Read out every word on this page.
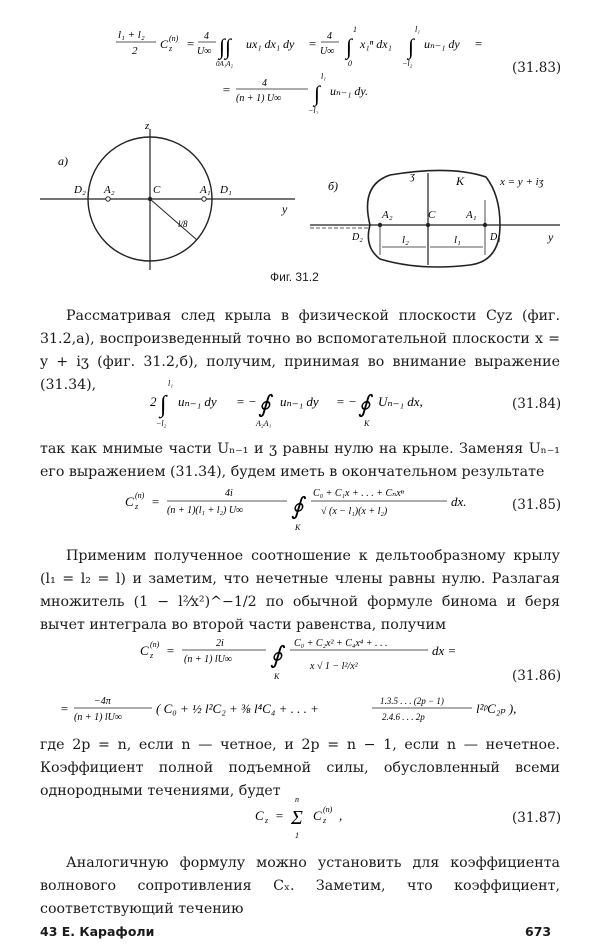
l₁ + l₂
2 C z
(n) = 4
U∞ ∫∫
0A₁A₂
ux₁ dx₁ dy = 4
U∞ ∫
1
0
x₁ⁿ dx₁ ∫
l₁
−l₂
uₙ₋₁ dy =
=	4
(n + 1) U∞ ∫
l₁
−l₂
uₙ₋₁ dy.
(31.83)
а)
z
y
D₂ A₂	C	A₁ D₁
l/8
б)
ʒ	K	x = y + iʒ
A₂	C	A₁
D₂	D₁
l₂	l₁	y
Фиг. 31.2
Рассматривая след крыла в физической плоскости Cyz (фиг. 31.2,а), воспроизведенный точно во вспомогательной плоскости x = y + iʒ (фиг. 31.2,б), получим, принимая во внимание выражение (31.34),
2 ∫
l₁
−l₂
uₙ₋₁ dy = − ∮
A₂A₁
uₙ₋₁ dy = − ∮
K
Uₙ₋₁ dx,	(31.84)
так как мнимые части Uₙ₋₁ и ʒ равны нулю на крыле. Заменяя Uₙ₋₁ его выражением (31.34), будем иметь в окончательном результате
C z
(n) =
4i
(n + 1)(l₁ + l₂) U∞ ∮
K
C₀ + C₁x + . . . + Cₙxⁿ
√ (x − l₁)(x + l₂)
dx.	(31.85)
Применим полученное соотношение к дельтообразному крылу (l₁ = l₂ = l) и заметим, что нечетные члены равны нулю. Разлагая множитель (1 − l²⁄x²)^−1/2 по обычной формуле бинома и беря вычет интеграла во второй части равенства, получим
C z
(n) =	2i
(n + 1) lU∞ ∮
K
C₀ + C₂x² + C₄x⁴ + . . .
x √ 1 − l²/x²
dx =
=	−4π
(n + 1) lU∞
( C₀ + ½ l²C₂ + ⅜ l⁴C₄ + . . . +	1.3.5 . . . (2p − 1)
2.4.6 . . . 2p
l²ᵖC₂ₚ ),
(31.86)
где 2p = n, если n — четное, и 2p = n − 1, если n — нечетное. Коэффициент полной подъемной силы, обусловленный всеми однородными течениями, будет
C z = Σ
n
1
C z
(n) ,	(31.87)
Аналогичную формулу можно установить для коэффициента волнового сопротивления Cₓ. Заметим, что коэффициент, соответствующий течению
43 Е. Карафоли	673
